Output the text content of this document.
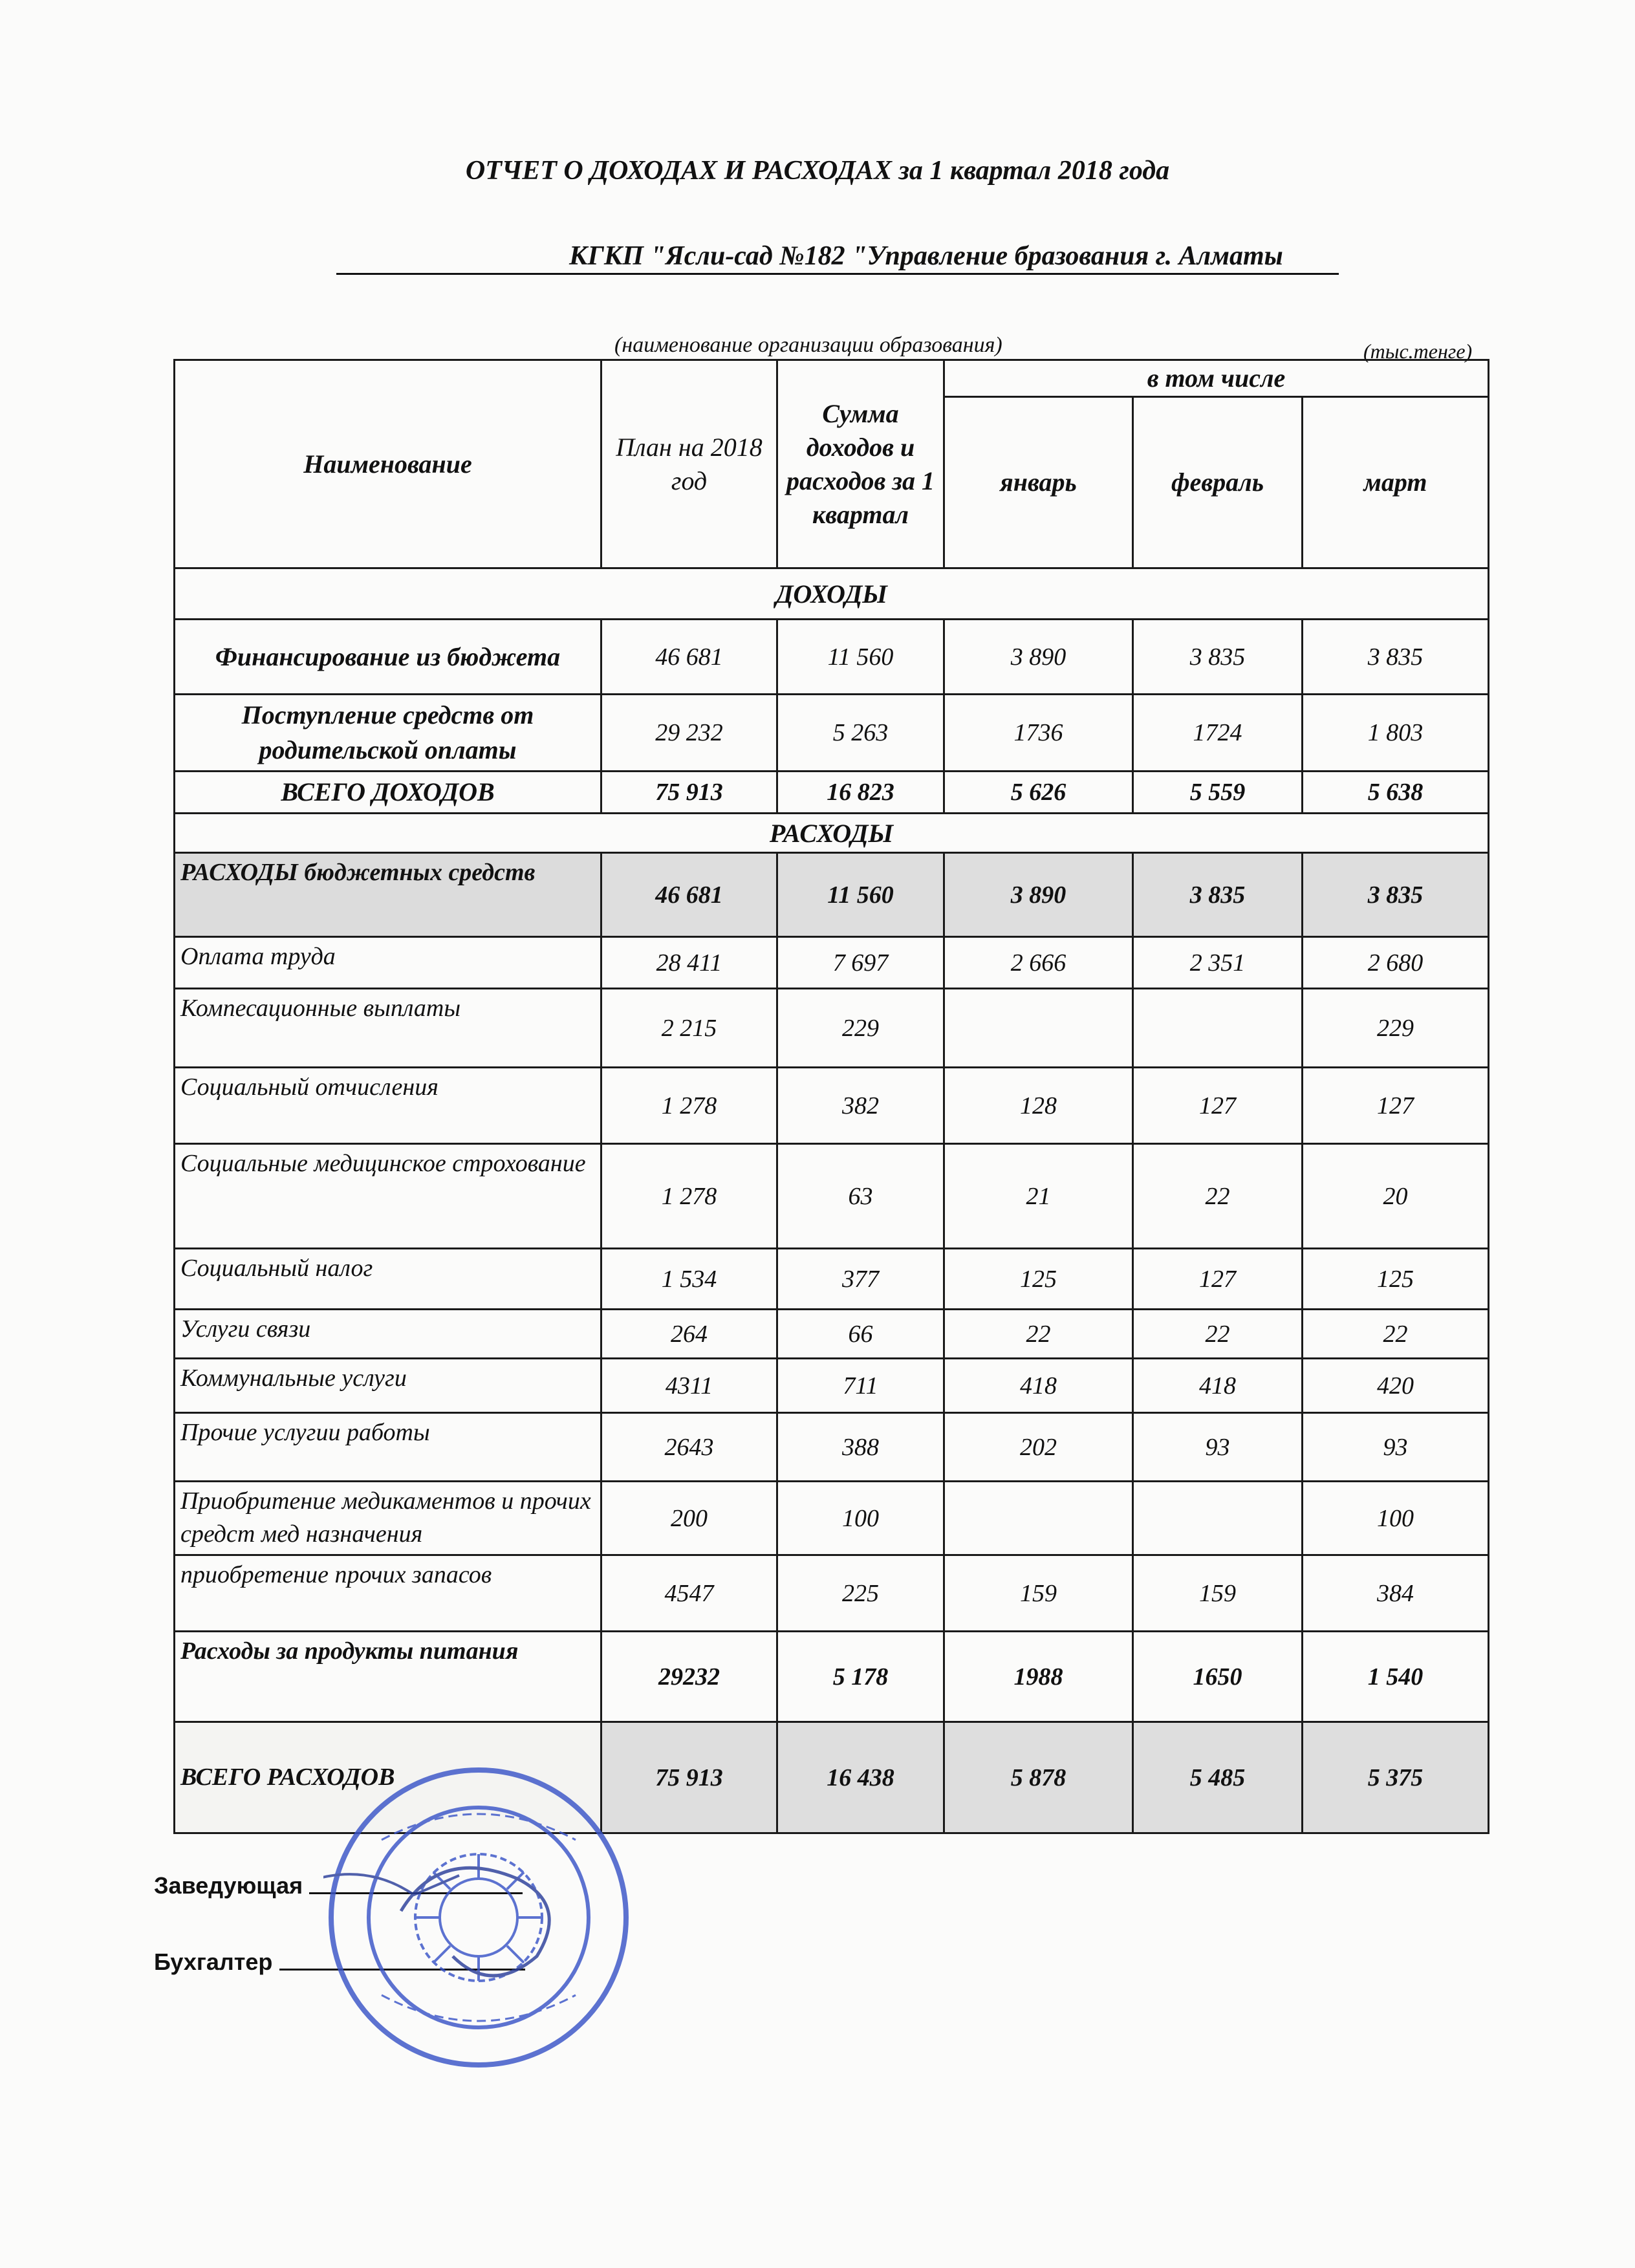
ОТЧЕТ О ДОХОДАХ И РАСХОДАХ за 1 квартал 2018 года
КГКП "Ясли-сад №182 "Управление бразования г. Алматы
(наименование организации образования)	(тыс.тенге)
Наименование	План на 2018 год	Сумма доходов и расходов за 1 квартал	в том числе		
			январь	февраль	март
ДОХОДЫ					
Финансирование из бюджета	46 681	11 560	3 890	3 835	3 835
Поступление средств от родительской оплаты	29 232	5 263	1736	1724	1 803
ВСЕГО ДОХОДОВ	75 913	16 823	5 626	5 559	5 638
РАСХОДЫ					
РАСХОДЫ бюджетных средств	46 681	11 560	3 890	3 835	3 835
Оплата труда	28 411	7 697	2 666	2 351	2 680
Компесационные выплаты	2 215	229			229
Социальный отчисления	1 278	382	128	127	127
Социальные медицинское строхование	1 278	63	21	22	20
Социальный налог	1 534	377	125	127	125
Услуги связи	264	66	22	22	22
Коммунальные услуги	4311	711	418	418	420
Прочие услугии работы	2643	388	202	93	93
Приобритение медикаментов и прочих средст мед назначения	200	100			100
приобретение прочих запасов	4547	225	159	159	384
Расходы за продукты питания	29232	5 178	1988	1650	1 540
ВСЕГО РАСХОДОВ	75 913	16 438	5 878	5 485	5 375
Заведующая
Бухгалтер
